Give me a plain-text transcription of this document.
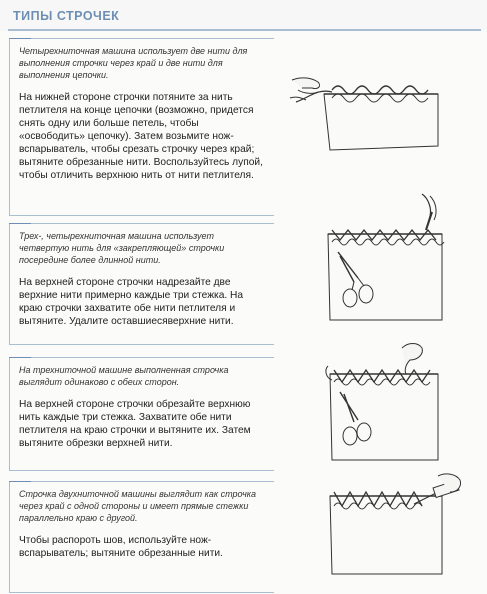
ТИПЫ СТРОЧЕК
Четырехниточная машина использует две нити для выполнения строчки через край и две нити для выполнения цепочки.
На нижней стороне строчки потяните за нить петлителя на конце цепочки (возможно, придется снять одну или больше петель, чтобы «освободить» цепочку). Затем возьмите нож-вспарыватель, чтобы срезать строчку через край; вытяните обрезанные нити. Воспользуйтесь лупой, чтобы отличить верхнюю нить от нити петлителя.
Трех-, четырехниточная машина использует четвертую нить для «закрепляющей» строчки посередине более длинной нити.
На верхней стороне строчки надрезайте две верхние нити примерно каждые три стежка. На краю строчки захватите обе нити петлителя и вытяните. Удалите оставшиесяверхние нити.
На трехниточной машине выполненная строчка выглядит одинаково с обеих сторон.
На верхней стороне строчки обрезайте верхнюю нить каждые три стежка. Захватите обе нити петлителя на краю строчки и вытяните их. Затем вытяните обрезки верхней нити.
Строчка двухниточной машины выглядит как строчка через край с одной стороны и имеет прямые стежки параллельно краю с другой.
Чтобы распороть шов, используйте нож-вспарыватель; вытяните обрезанные нити.
